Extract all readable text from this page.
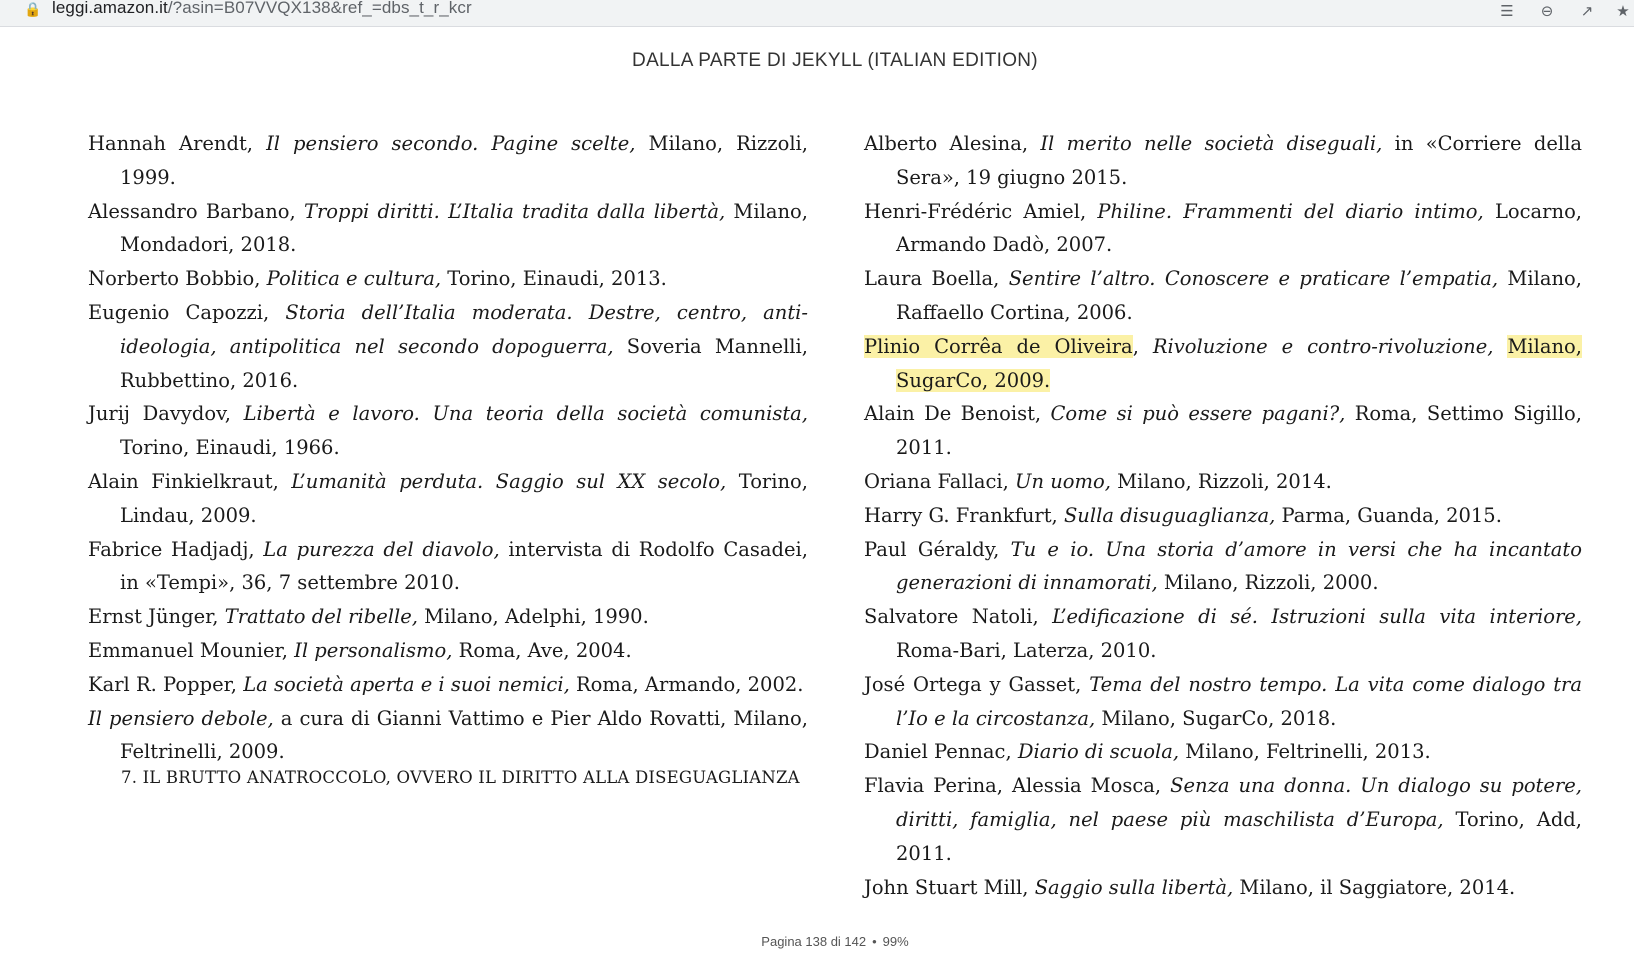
🔒 leggi.amazon.it/?asin=B07VVQX138&ref_=dbs_t_r_kcr	☰	⊖	↗	★
DALLA PARTE DI JEKYLL (ITALIAN EDITION)
Hannah Arendt, Il pensiero secondo. Pagine scelte, Milano, Rizzoli, 1999.
Alessandro Barbano, Troppi diritti. L’Italia tradita dalla libertà, Milano, Mondadori, 2018.
Norberto Bobbio, Politica e cultura, Torino, Einaudi, 2013.
Eugenio Capozzi, Storia dell’Italia moderata. Destre, centro, anti-ideologia, antipolitica nel secondo dopoguerra, Soveria Mannelli, Rubbettino, 2016.
Jurij Davydov, Libertà e lavoro. Una teoria della società comunista, Torino, Einaudi, 1966.
Alain Finkielkraut, L’umanità perduta. Saggio sul XX secolo, Torino, Lindau, 2009.
Fabrice Hadjadj, La purezza del diavolo, intervista di Rodolfo Casadei, in «Tempi», 36, 7 settembre 2010.
Ernst Jünger, Trattato del ribelle, Milano, Adelphi, 1990.
Emmanuel Mounier, Il personalismo, Roma, Ave, 2004.
Karl R. Popper, La società aperta e i suoi nemici, Roma, Armando, 2002.
Il pensiero debole, a cura di Gianni Vattimo e Pier Aldo Rovatti, Milano, Feltrinelli, 2009.
7. IL BRUTTO ANATROCCOLO, OVVERO IL DIRITTO ALLA DISEGUAGLIANZA
Alberto Alesina, Il merito nelle società diseguali, in «Corriere della Sera», 19 giugno 2015.
Henri-Frédéric Amiel, Philine. Frammenti del diario intimo, Locarno, Armando Dadò, 2007.
Laura Boella, Sentire l’altro. Conoscere e praticare l’empatia, Milano, Raffaello Cortina, 2006.
Plinio Corrêa de Oliveira, Rivoluzione e contro-rivoluzione, Milano, SugarCo, 2009.
Alain De Benoist, Come si può essere pagani?, Roma, Settimo Sigillo, 2011.
Oriana Fallaci, Un uomo, Milano, Rizzoli, 2014.
Harry G. Frankfurt, Sulla disuguaglianza, Parma, Guanda, 2015.
Paul Géraldy, Tu e io. Una storia d’amore in versi che ha incantato generazioni di innamorati, Milano, Rizzoli, 2000.
Salvatore Natoli, L’edificazione di sé. Istruzioni sulla vita interiore, Roma-Bari, Laterza, 2010.
José Ortega y Gasset, Tema del nostro tempo. La vita come dialogo tra l’Io e la circostanza, Milano, SugarCo, 2018.
Daniel Pennac, Diario di scuola, Milano, Feltrinelli, 2013.
Flavia Perina, Alessia Mosca, Senza una donna. Un dialogo su potere, diritti, famiglia, nel paese più maschilista d’Europa, Torino, Add, 2011.
John Stuart Mill, Saggio sulla libertà, Milano, il Saggiatore, 2014.
Pagina 138 di 142 • 99%
